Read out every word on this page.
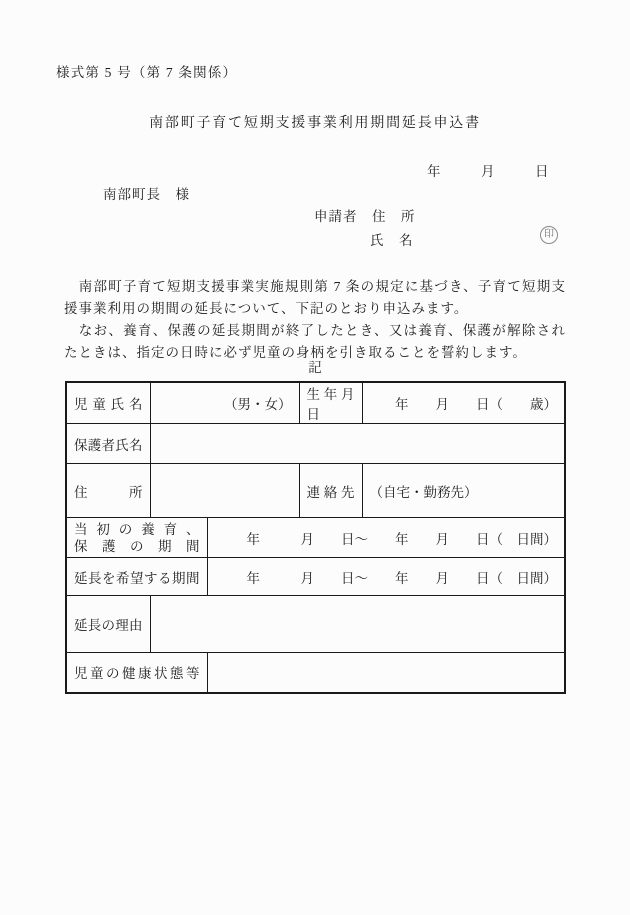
様式第 5 号（第 7 条関係）
南部町子育て短期支援事業利用期間延長申込書
年　　　月　　　日
南部町長　様
申請者　住　所
氏　名	印

　南部町子育て短期支援事業実施規則第 7 条の規定に基づき、子育て短期支援事業利用の期間の延長について、下記のとおり申込みます。

　なお、養育、保護の延長期間が終了したとき、又は養育、保護が解除されたときは、指定の日時に必ず児童の身柄を引き取ることを誓約します。

記
児童氏名	（男・女）		生年月日	年　　月　　日（　　歳）
保護者氏名				
住所			連絡先	（自宅・勤務先）

当初の養育、
保護の期間		年　　　月　　日～　　年　　月　　日（　日間）		
延長を希望する期間		年　　　月　　日～　　年　　月　　日（　日間）		
延長の理由				
児童の健康状態等				
